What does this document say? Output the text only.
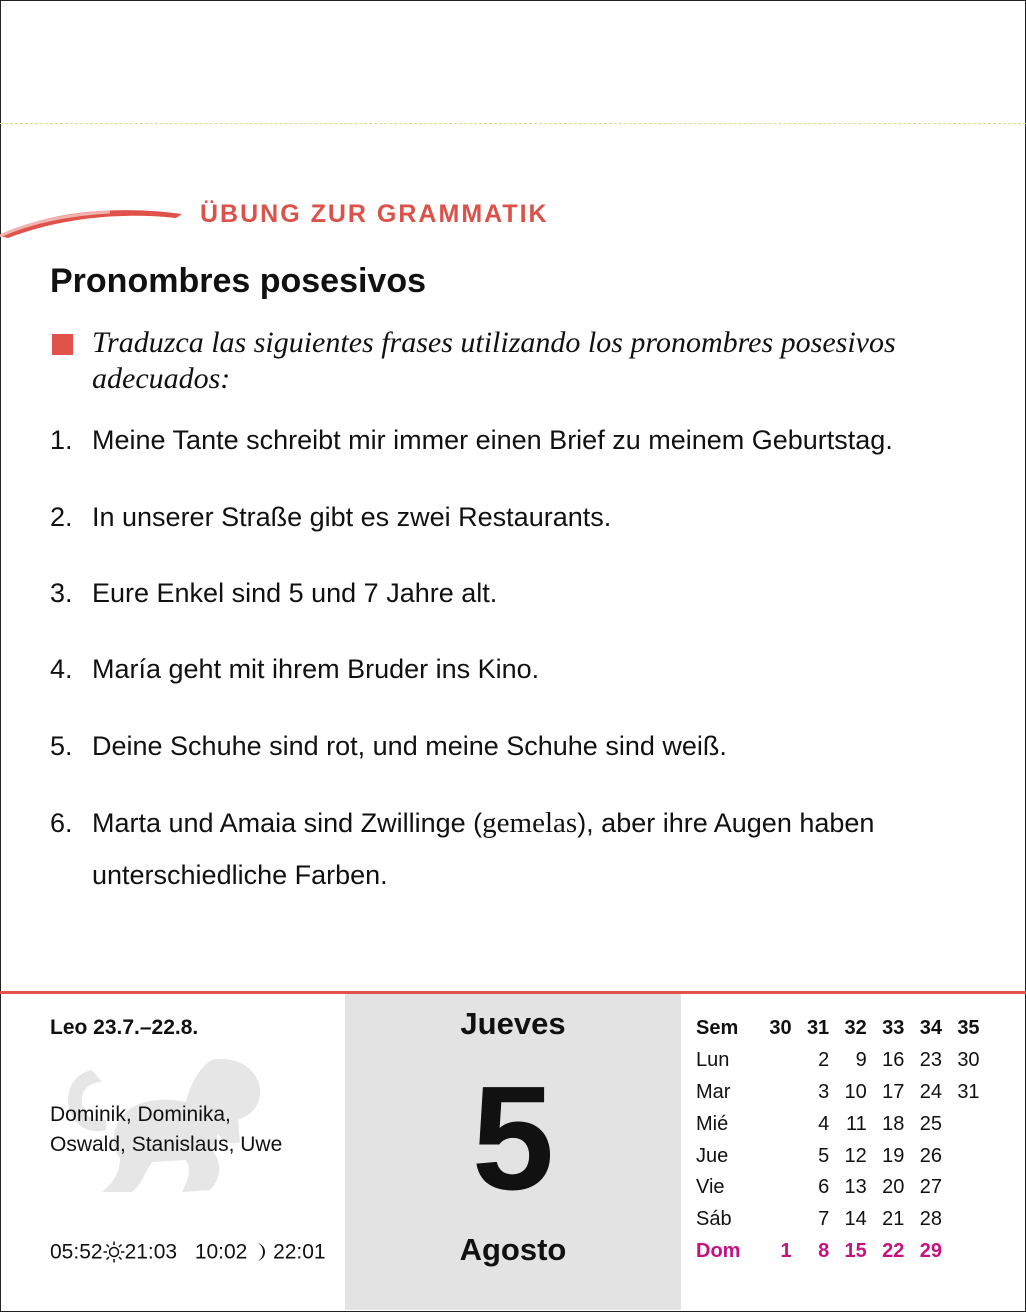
ÜBUNG ZUR GRAMMATIK
Pronombres posesivos
Traduzca las siguientes frases utilizando los pronombres posesivos adecuados:
1. Meine Tante schreibt mir immer einen Brief zu meinem Geburtstag.
2. In unserer Straße gibt es zwei Restaurants.
3. Eure Enkel sind 5 und 7 Jahre alt.
4. María geht mit ihrem Bruder ins Kino.
5. Deine Schuhe sind rot, und meine Schuhe sind weiß.
6. Marta und Amaia sind Zwillinge (gemelas), aber ihre Augen haben
unterschiedliche Farben.
Leo 23.7.–22.8.
Dominik, Dominika,
Oswald, Stanislaus, Uwe
05:52 21:03 10:02 22:01
Jueves
5
Agosto
Sem	30	31	32	33	34	35
Lun		2	9	16	23	30
Mar		3	10	17	24	31
Mié		4	11	18	25	
Jue		5	12	19	26	
Vie		6	13	20	27	
Sáb		7	14	21	28	
Dom	1	8	15	22	29	
